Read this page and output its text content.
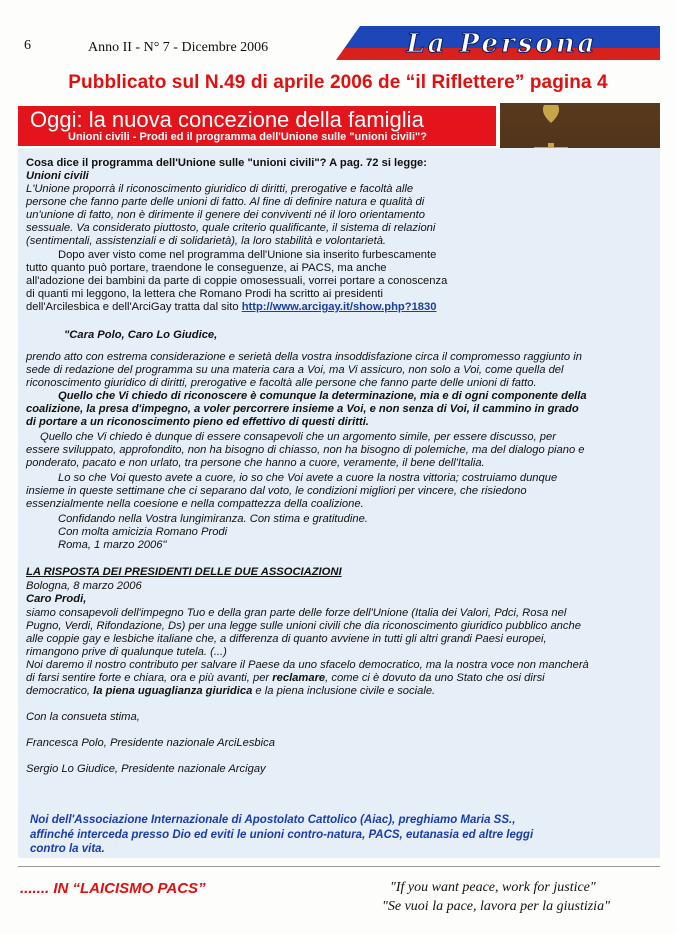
6	Anno II - N° 7 - Dicembre 2006	La Persona
Pubblicato sul N.49 di aprile 2006 de “il Riflettere” pagina 4
Oggi: la nuova concezione della famiglia
Unioni civili - Prodi ed il programma dell'Unione sulle "unioni civili"?
Cosa dice il programma dell'Unione sulle "unioni civili"? A pag. 72 si legge:
Unioni civili
L'Unione proporrà il riconoscimento giuridico di diritti, prerogative e facoltà alle
persone che fanno parte delle unioni di fatto. Al fine di definire natura e qualità di
un'unione di fatto, non è dirimente il genere dei conviventi né il loro orientamento
sessuale. Va considerato piuttosto, quale criterio qualificante, il sistema di relazioni
(sentimentali, assistenziali e di solidarietà), la loro stabilità e volontarietà.
Dopo aver visto come nel programma dell'Unione sia inserito furbescamente
tutto quanto può portare, traendone le conseguenze, ai PACS, ma anche
all'adozione dei bambini da parte di coppie omosessuali, vorrei portare a conoscenza
di quanti mi leggono, la lettera che Romano Prodi ha scritto ai presidenti
dell'Arcilesbica e dell'ArciGay tratta dal sito http://www.arcigay.it/show.php?1830
"Cara Polo, Caro Lo Giudice,
prendo atto con estrema considerazione e serietà della vostra insoddisfazione circa il compromesso raggiunto in
sede di redazione del programma su una materia cara a Voi, ma Vi assicuro, non solo a Voi, come quella del
riconoscimento giuridico di diritti, prerogative e facoltà alle persone che fanno parte delle unioni di fatto.
Quello che Vi chiedo di riconoscere è comunque la determinazione, mia e di ogni componente della
coalizione, la presa d'impegno, a voler percorrere insieme a Voi, e non senza di Voi, il cammino in grado
di portare a un riconoscimento pieno ed effettivo di questi diritti.
Quello che Vi chiedo è dunque di essere consapevoli che un argomento simile, per essere discusso, per
essere sviluppato, approfondito, non ha bisogno di chiasso, non ha bisogno di polemiche, ma del dialogo piano e
ponderato, pacato e non urlato, tra persone che hanno a cuore, veramente, il bene dell'Italia.
Lo so che Voi questo avete a cuore, io so che Voi avete a cuore la nostra vittoria; costruiamo dunque
insieme in queste settimane che ci separano dal voto, le condizioni migliori per vincere, che risiedono
essenzialmente nella coesione e nella compattezza della coalizione.
Confidando nella Vostra lungimiranza. Con stima e gratitudine.
Con molta amicizia Romano Prodi
Roma, 1 marzo 2006"
LA RISPOSTA DEI PRESIDENTI DELLE DUE ASSOCIAZIONI
Bologna, 8 marzo 2006
Caro Prodi,
siamo consapevoli dell'impegno Tuo e della gran parte delle forze dell'Unione (Italia dei Valori, Pdci, Rosa nel
Pugno, Verdi, Rifondazione, Ds) per una legge sulle unioni civili che dia riconoscimento giuridico pubblico anche
alle coppie gay e lesbiche italiane che, a differenza di quanto avviene in tutti gli altri grandi Paesi europei,
rimangono prive di qualunque tutela. (...)
Noi daremo il nostro contributo per salvare il Paese da uno sfacelo democratico, ma la nostra voce non mancherà
di farsi sentire forte e chiara, ora e più avanti, per reclamare, come ci è dovuto da uno Stato che osi dirsi
democratico, la piena uguaglianza giuridica e la piena inclusione civile e sociale.
Con la consueta stima,
Francesca Polo, Presidente nazionale ArciLesbica
Sergio Lo Giudice, Presidente nazionale Arcigay
Noi dell'Associazione Internazionale di Apostolato Cattolico (Aiac), preghiamo Maria SS.,
affinché interceda presso Dio ed eviti le unioni contro-natura, PACS, eutanasia ed altre leggi
contro la vita.
....... IN “LAICISMO PACS”	"If you want peace, work for justice"
"Se vuoi la pace, lavora per la giustizia"
